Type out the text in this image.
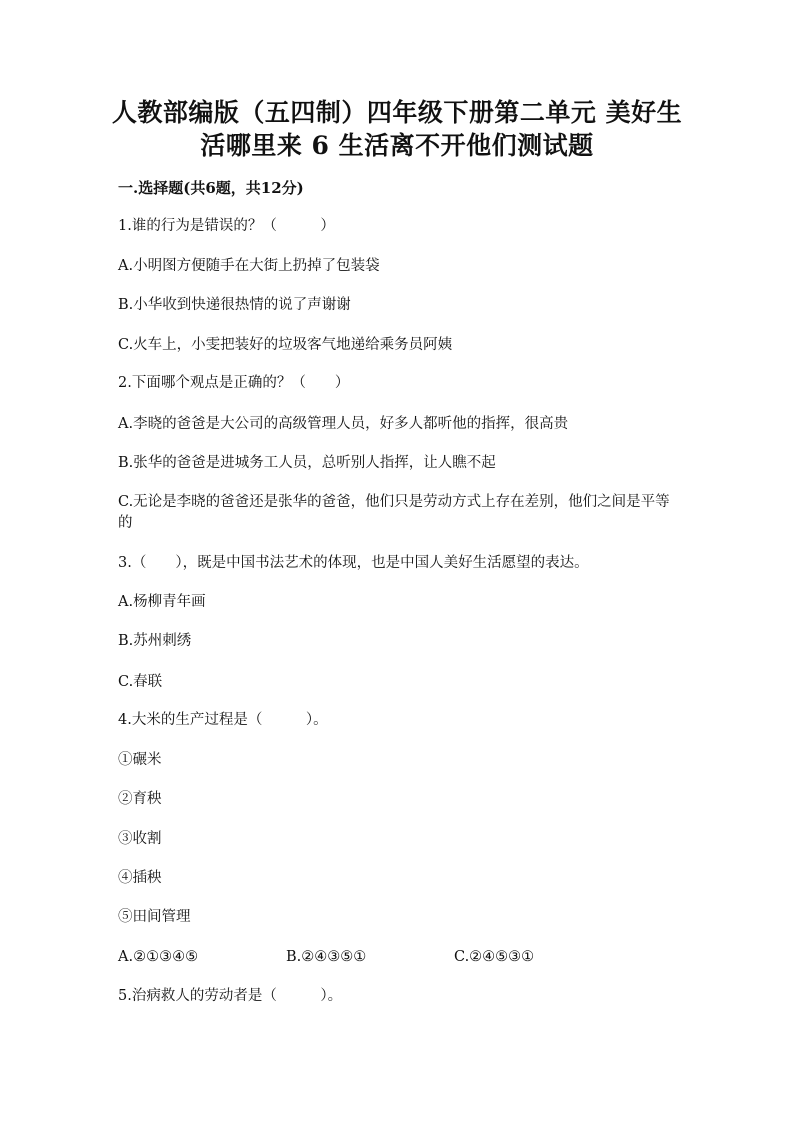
人教部编版（五四制）四年级下册第二单元 美好生
活哪里来 6 生活离不开他们测试题
一.选择题(共6题，共12分)
1.谁的行为是错误的？（　　　）
A.小明图方便随手在大街上扔掉了包装袋
B.小华收到快递很热情的说了声谢谢
C.火车上，小雯把装好的垃圾客气地递给乘务员阿姨
2.下面哪个观点是正确的？（　　）
A.李晓的爸爸是大公司的高级管理人员，好多人都听他的指挥，很高贵
B.张华的爸爸是进城务工人员，总听别人指挥，让人瞧不起
C.无论是李晓的爸爸还是张华的爸爸，他们只是劳动方式上存在差别，他们之间是平等的
3.（　　），既是中国书法艺术的体现，也是中国人美好生活愿望的表达。
A.杨柳青年画
B.苏州刺绣
C.春联
4.大米的生产过程是（　　　）。
①碾米
②育秧
③收割
④插秧
⑤田间管理
A.②①③④⑤	B.②④③⑤①	C.②④⑤③①
5.治病救人的劳动者是（　　　）。
